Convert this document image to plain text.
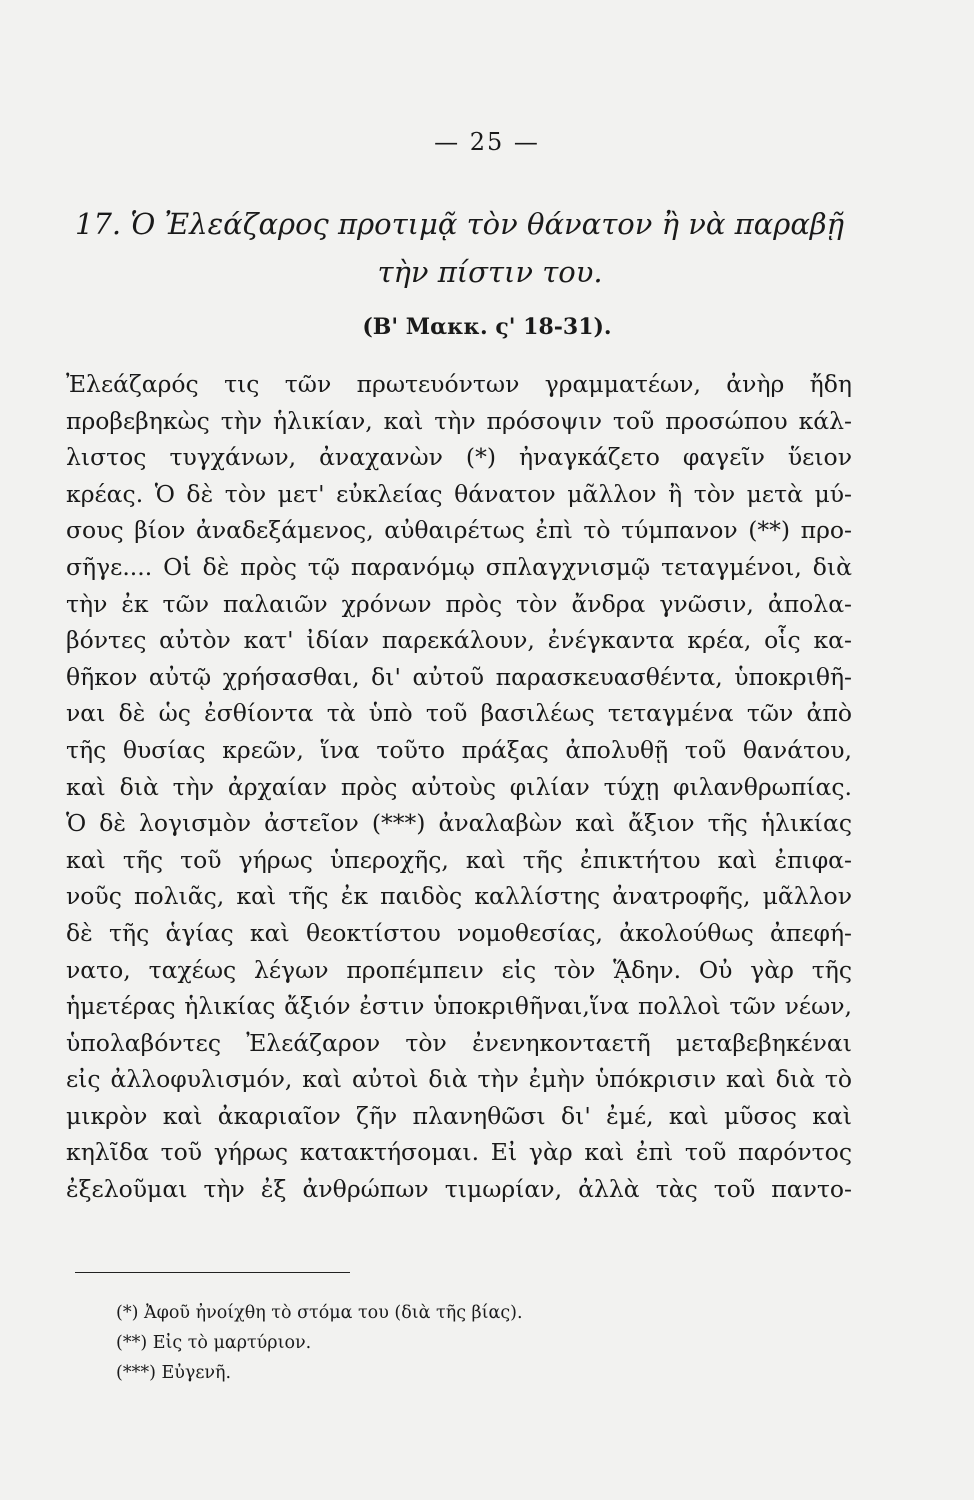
— 25 —
17. Ὁ Ἐλεάζαρος προτιμᾷ τὸν θάνατον ἢ νὰ παραβῇ
τὴν πίστιν του.
(Β' Μακκ. ς' 18-31).
Ἐλεάζαρός τις τῶν πρωτευόντων γραμματέων, ἀνὴρ ἤδη
προβεβηκὼς τὴν ἡλικίαν, καὶ τὴν πρόσοψιν τοῦ προσώπου κάλ-
λιστος τυγχάνων, ἀναχανὼν (*) ἠναγκάζετο φαγεῖν ὕειον
κρέας. Ὁ δὲ τὸν μετ' εὐκλείας θάνατον μᾶλλον ἢ τὸν μετὰ μύ-
σους βίον ἀναδεξάμενος, αὐθαιρέτως ἐπὶ τὸ τύμπανον (**) προ-
σῆγε.... Οἱ δὲ πρὸς τῷ παρανόμῳ σπλαγχνισμῷ τεταγμένοι, διὰ
τὴν ἐκ τῶν παλαιῶν χρόνων πρὸς τὸν ἄνδρα γνῶσιν, ἀπολα-
βόντες αὐτὸν κατ' ἰδίαν παρεκάλουν, ἐνέγκαντα κρέα, οἷς κα-
θῆκον αὐτῷ χρήσασθαι, δι' αὐτοῦ παρασκευασθέντα, ὑποκριθῆ-
ναι δὲ ὡς ἐσθίοντα τὰ ὑπὸ τοῦ βασιλέως τεταγμένα τῶν ἀπὸ
τῆς θυσίας κρεῶν, ἵνα τοῦτο πράξας ἀπολυθῇ τοῦ θανάτου,
καὶ διὰ τὴν ἀρχαίαν πρὸς αὐτοὺς φιλίαν τύχῃ φιλανθρωπίας.
Ὁ δὲ λογισμὸν ἀστεῖον (***) ἀναλαβὼν καὶ ἄξιον τῆς ἡλικίας
καὶ τῆς τοῦ γήρως ὑπεροχῆς, καὶ τῆς ἐπικτήτου καὶ ἐπιφα-
νοῦς πολιᾶς, καὶ τῆς ἐκ παιδὸς καλλίστης ἀνατροφῆς, μᾶλλον
δὲ τῆς ἁγίας καὶ θεοκτίστου νομοθεσίας, ἀκολούθως ἀπεφή-
νατο, ταχέως λέγων προπέμπειν εἰς τὸν ᾍδην. Οὐ γὰρ τῆς
ἡμετέρας ἡλικίας ἄξιόν ἐστιν ὑποκριθῆναι,ἵνα πολλοὶ τῶν νέων,
ὑπολαβόντες Ἐλεάζαρον τὸν ἐνενηκονταετῆ μεταβεβηκέναι
εἰς ἀλλοφυλισμόν, καὶ αὐτοὶ διὰ τὴν ἐμὴν ὑπόκρισιν καὶ διὰ τὸ
μικρὸν καὶ ἀκαριαῖον ζῆν πλανηθῶσι δι' ἐμέ, καὶ μῦσος καὶ
κηλῖδα τοῦ γήρως κατακτήσομαι. Εἰ γὰρ καὶ ἐπὶ τοῦ παρόντος
ἐξελοῦμαι τὴν ἐξ ἀνθρώπων τιμωρίαν, ἀλλὰ τὰς τοῦ παντο-
(*) Ἀφοῦ ἠνοίχθη τὸ στόμα του (διὰ τῆς βίας).
(**) Εἰς τὸ μαρτύριον.
(***) Εὐγενῆ.
